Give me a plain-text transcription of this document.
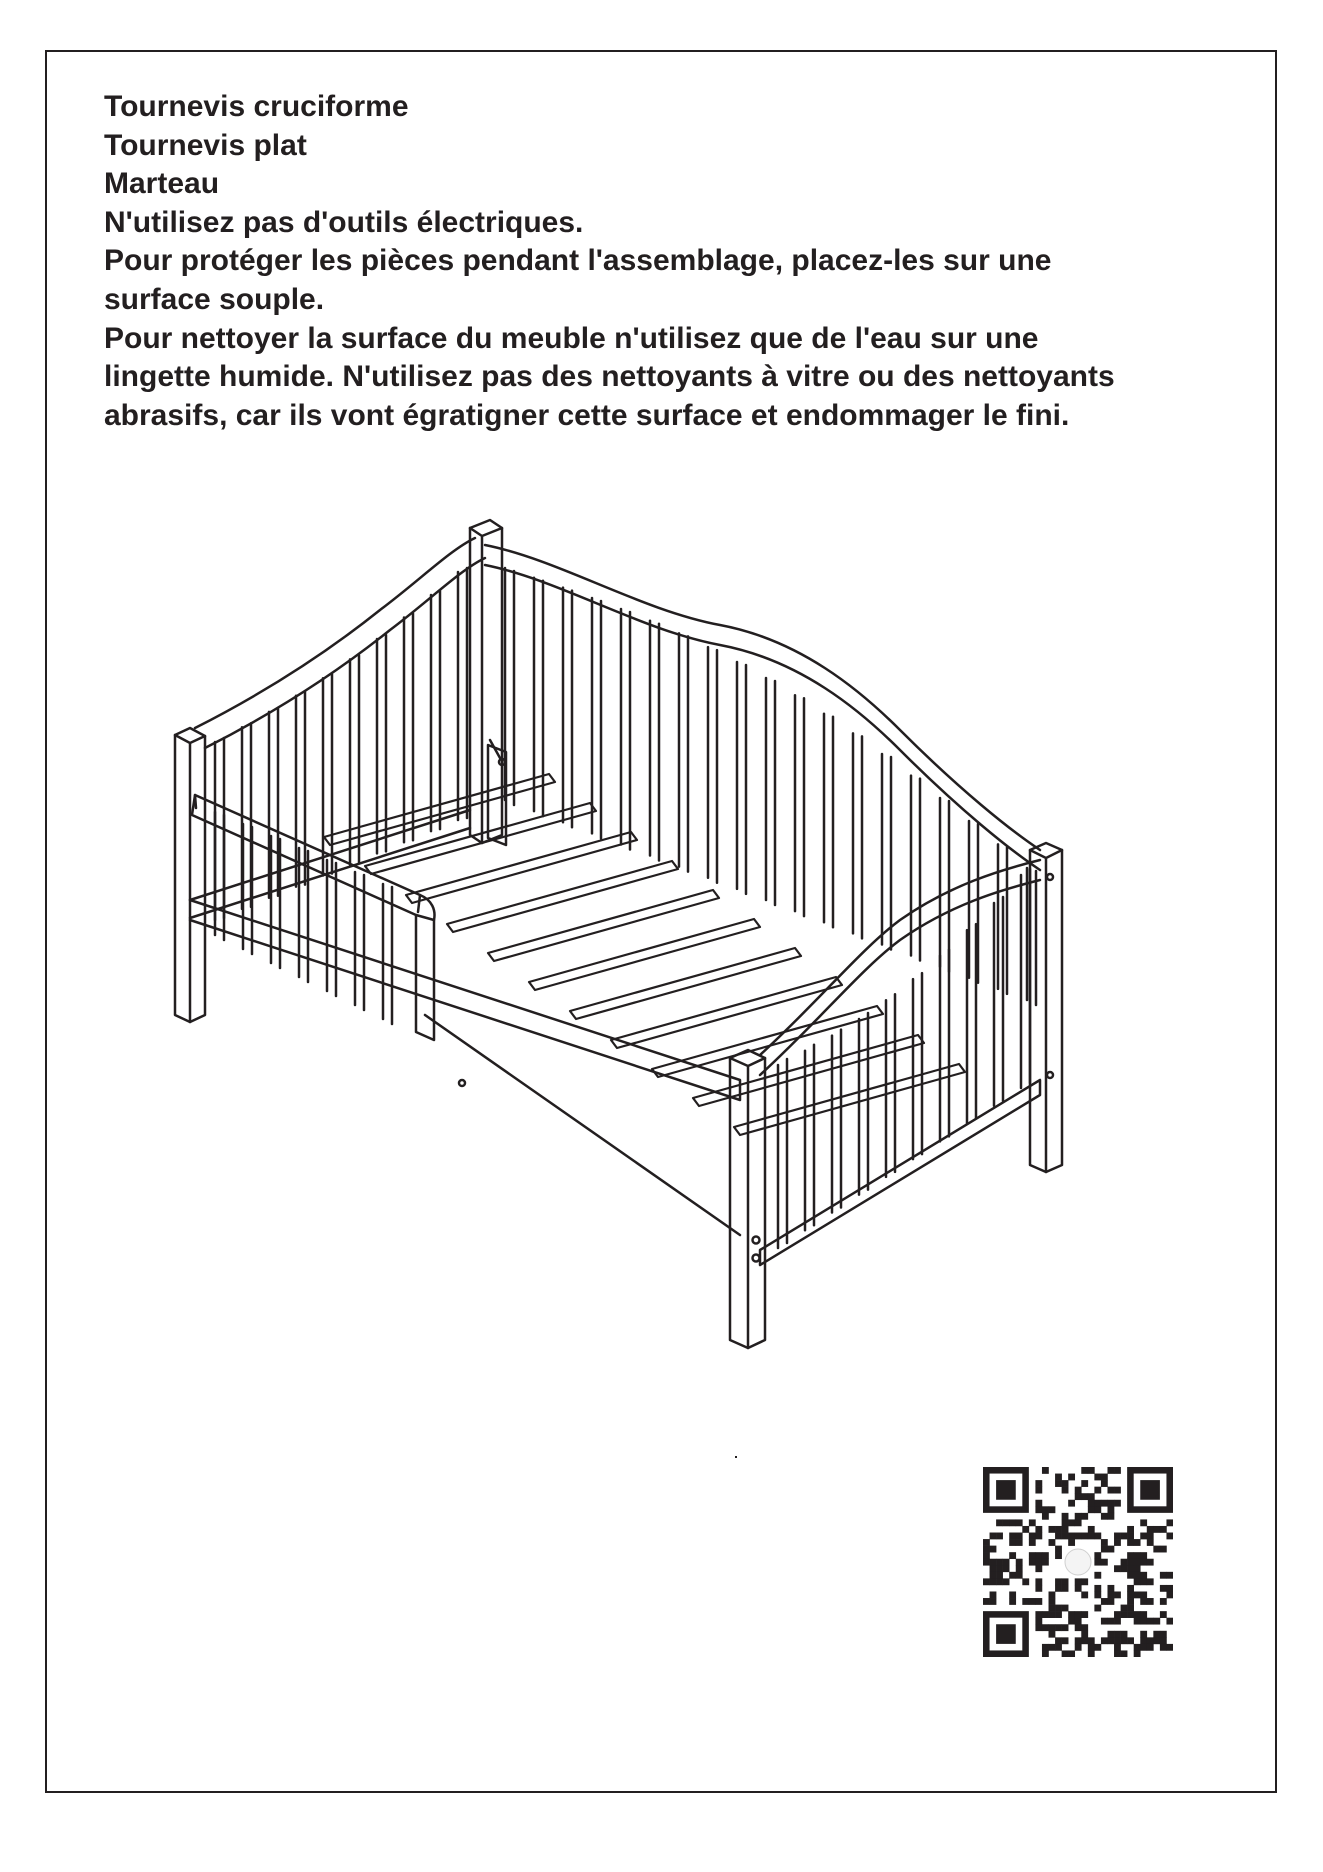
Tournevis cruciforme
Tournevis plat
Marteau
N'utilisez pas d'outils électriques.
Pour protéger les pièces pendant l'assemblage, placez-les sur une
surface souple.
Pour nettoyer la surface du meuble n'utilisez que de l'eau sur une
lingette humide. N'utilisez pas des nettoyants à vitre ou des nettoyants
abrasifs, car ils vont égratigner cette surface et endommager le fini.
